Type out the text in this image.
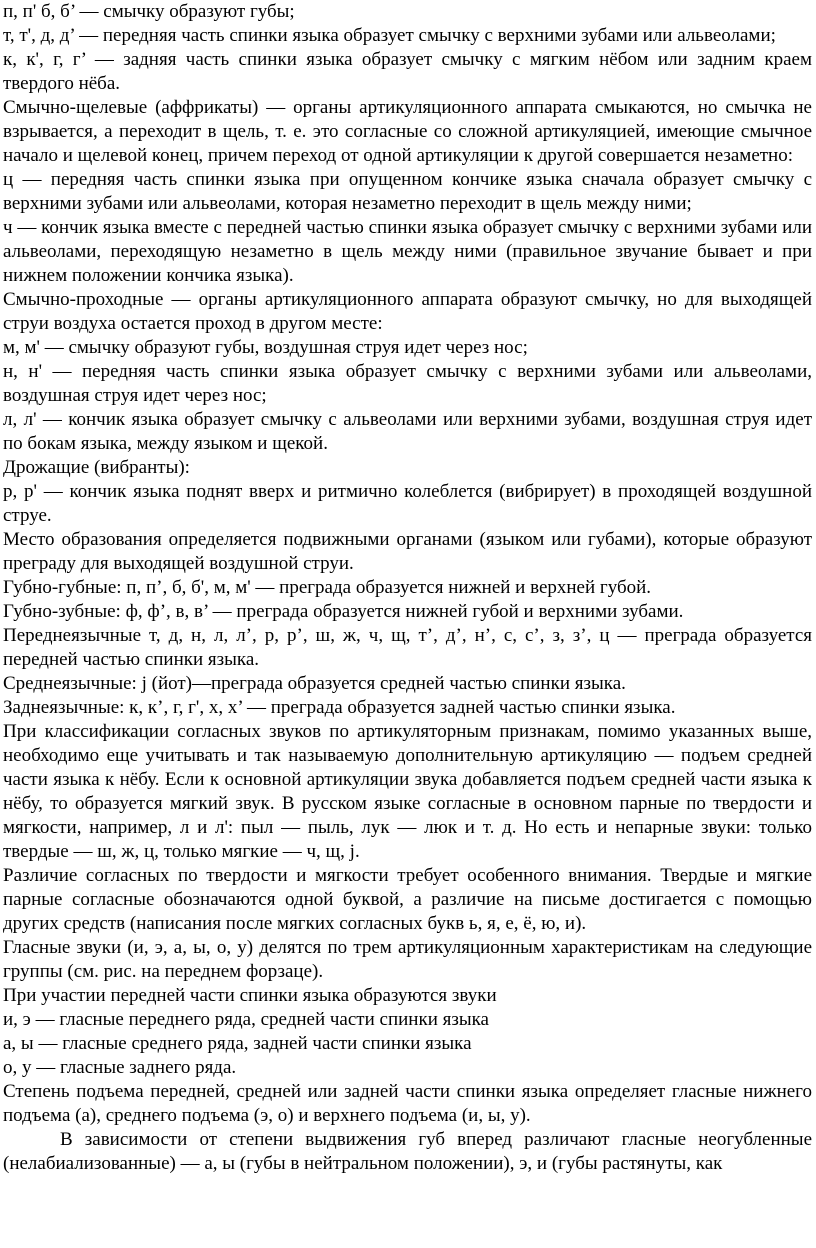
п, п' б, б’ — смычку образуют губы;

т, т', д, д’ — передняя часть спинки языка образует смычку с верхними зубами или альвеолами;

к, к', г, г’ — задняя часть спинки языка образует смычку с мягким нёбом или задним краем твердого нёба.

Смычно-щелевые (аффрикаты) — органы артикуляционного аппарата смыкаются, но смычка не взрывается, а переходит в щель, т. е. это согласные со сложной артикуляцией, имеющие смычное начало и щелевой конец, причем переход от одной артикуляции к другой совершается незаметно:

ц — передняя часть спинки языка при опущенном кончике языка сначала образует смычку с верхними зубами или альвеолами, которая незаметно переходит в щель между ними;

ч — кончик языка вместе с передней частью спинки языка образует смычку с верхними зубами или альвеолами, переходящую незаметно в щель между ними (правильное звучание бывает и при нижнем положении кончика языка).

Смычно-проходные — органы артикуляционного аппарата образуют смычку, но для выходящей струи воздуха остается проход в другом месте:

м, м' — смычку образуют губы, воздушная струя идет через нос;

н, н' — передняя часть спинки языка образует смычку с верхними зубами или альвеолами, воздушная струя идет через нос;

л, л' — кончик языка образует смычку с альвеолами или верхними зубами, воздушная струя идет по бокам языка, между языком и щекой.

Дрожащие (вибранты):

р, р' — кончик языка поднят вверх и ритмично колеблется (вибрирует) в проходящей воздушной струе.

Место образования определяется подвижными органами (языком или губами), которые образуют преграду для выходящей воздушной струи.

Губно-губные: п, п’, б, б', м, м' — преграда образуется нижней и верхней губой.

Губно-зубные: ф, ф’, в, в’ — преграда образуется нижней губой и верхними зубами.

Переднеязычные т, д, н, л, л’, р, р’, ш, ж, ч, щ, т’, д’, н’, с, с’, з, з’, ц — преграда образуется передней частью спинки языка.

Среднеязычные: j (йот)—преграда образуется средней частью спинки языка.

Заднеязычные: к, к’, г, г', х, х’ — преграда образуется задней частью спинки языка.

При классификации согласных звуков по артикуляторным признакам, помимо указанных выше, необходимо еще учитывать и так называемую дополнительную артикуляцию — подъем средней части языка к нёбу. Если к основной артикуляции звука добавляется подъем средней части языка к нёбу, то образуется мягкий звук. В русском языке согласные в основном парные по твердости и мягкости, например, л и л': пыл — пыль, лук — люк и т. д. Но есть и непарные звуки: только твердые — ш, ж, ц, только мягкие — ч, щ, j.

Различие согласных по твердости и мягкости требует особенного внимания. Твердые и мягкие парные согласные обозначаются одной буквой, а различие на письме достигается с помощью других средств (написания после мягких согласных букв ь, я, е, ё, ю, и).

Гласные звуки (и, э, а, ы, о, у) делятся по трем артикуляционным характеристикам на следующие группы (см. рис. на переднем форзаце).

При участии передней части спинки языка образуются звуки

и, э — гласные переднего ряда, средней части спинки языка

а, ы — гласные среднего ряда, задней части спинки языка

о, у — гласные заднего ряда.

Степень подъема передней, средней или задней части спинки языка определяет гласные нижнего подъема (а), среднего подъема (э, о) и верхнего подъема (и, ы, у).

В зависимости от степени выдвижения губ вперед различают гласные неогубленные (нелабиализованные) — а, ы (губы в нейтральном положении), э, и (губы растянуты, как
